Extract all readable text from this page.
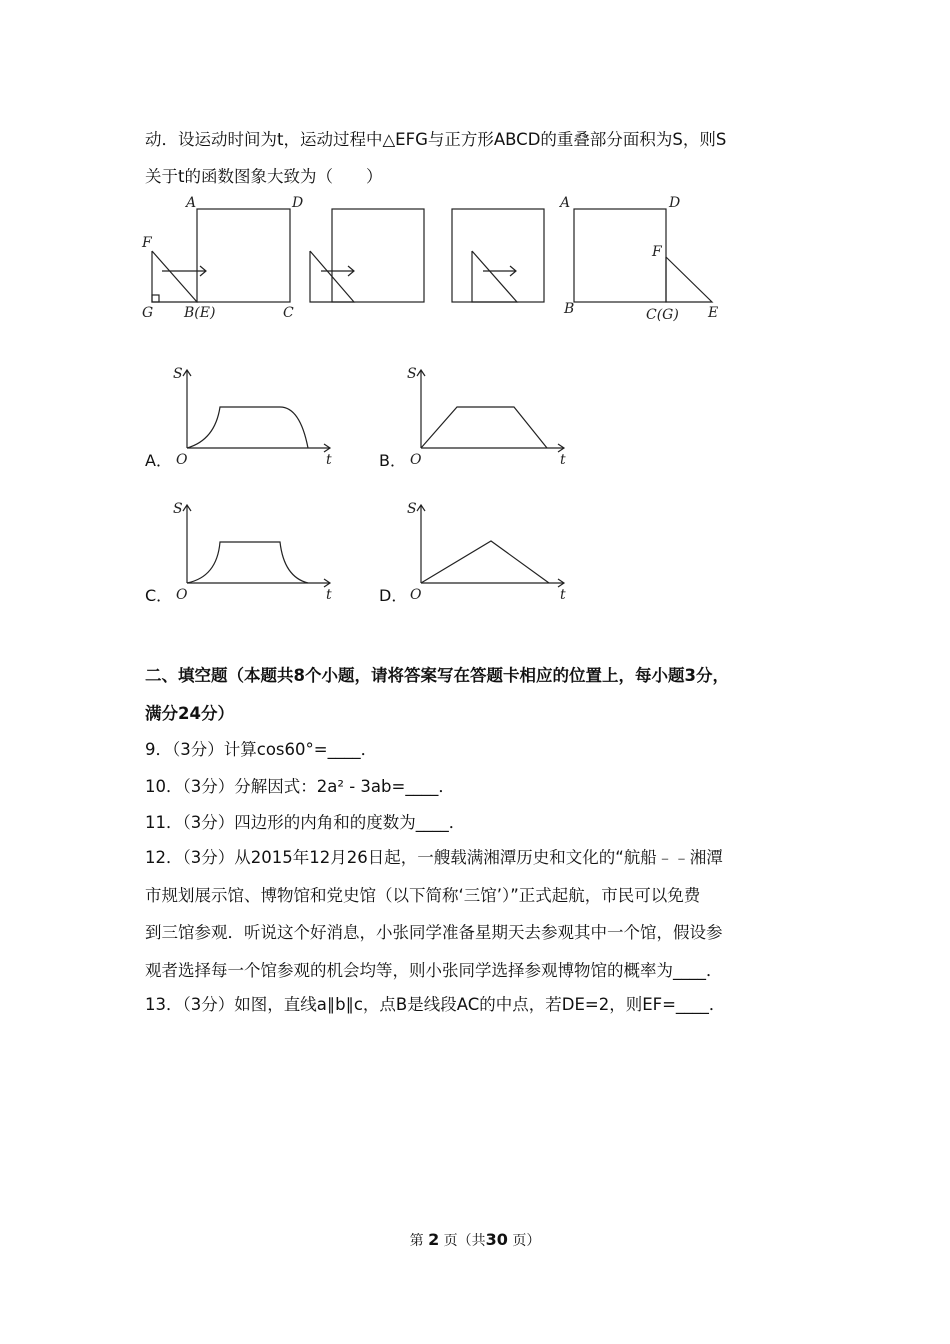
动．设运动时间为t，运动过程中△EFG与正方形ABCD的重叠部分面积为S，则S
关于t的函数图象大致为（　　）
A	D
F
G B(E)	C
A	D
F
B	C(G) E
A．
S
O	t	B．
S
O	t
C．
S
O	t	D．
S
O	t
二、填空题（本题共8个小题，请将答案写在答题卡相应的位置上，每小题3分，
满分24分）
9．（3分）计算cos60°=____．
10．（3分）分解因式：2a² - 3ab=____．
11．（3分）四边形的内角和的度数为____．
12．（3分）从2015年12月26日起，一艘载满湘潭历史和文化的“航船﹣﹣湘潭
市规划展示馆、博物馆和党史馆（以下简称‘三馆’）”正式起航，市民可以免费
到三馆参观．听说这个好消息，小张同学准备星期天去参观其中一个馆，假设参
观者选择每一个馆参观的机会均等，则小张同学选择参观博物馆的概率为____．
13．（3分）如图，直线a∥b∥c，点B是线段AC的中点，若DE=2，则EF=____．
第 2 页（共30 页）
